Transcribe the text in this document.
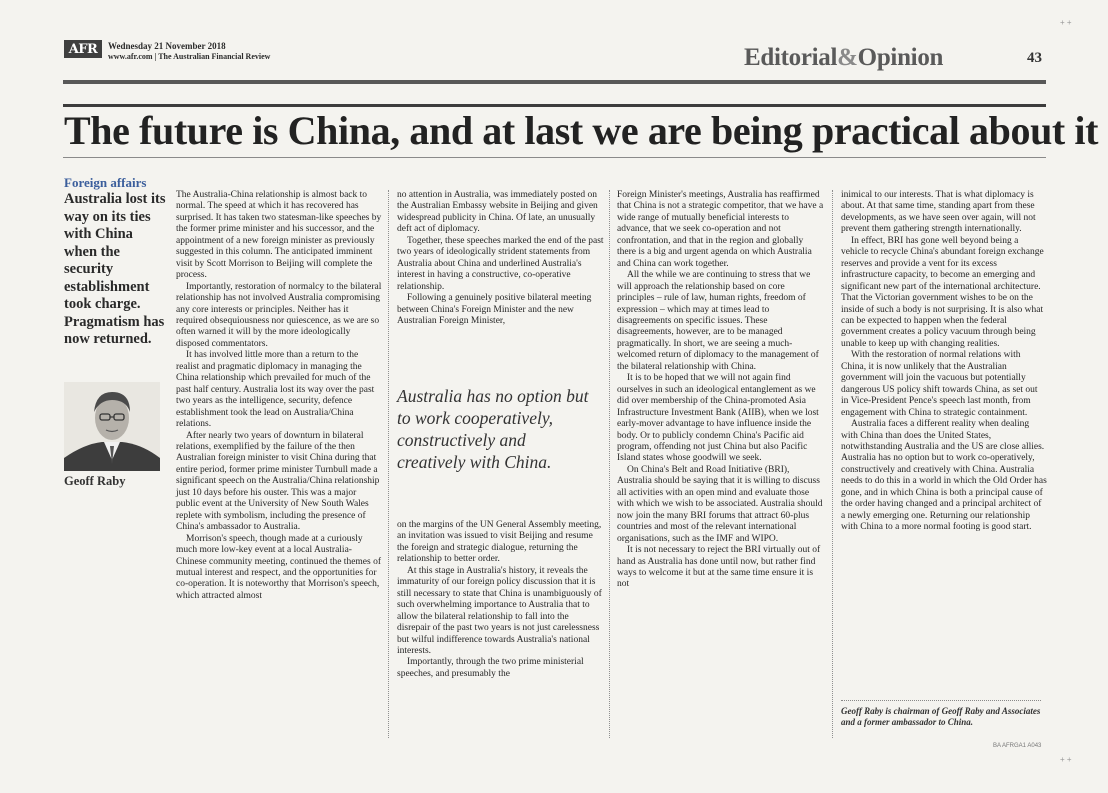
AFR	Wednesday 21 November 2018
www.afr.com | The Australian Financial Review	Editorial&Opinion	43
The future is China, and at last we are being practical about it
Foreign affairs
Australia lost its way on its ties with China when the security establishment took charge. Pragmatism has now returned.
Geoff Raby

The Australia-China relationship is almost back to normal. The speed at which it has recovered has surprised. It has taken two statesman-like speeches by the former prime minister and his successor, and the appointment of a new foreign minister as previously suggested in this column. The anticipated imminent visit by Scott Morrison to Beijing will complete the process.

Importantly, restoration of normalcy to the bilateral relationship has not involved Australia compromising any core interests or principles. Neither has it required obsequiousness nor quiescence, as we are so often warned it will by the more ideologically disposed commentators.

It has involved little more than a return to the realist and pragmatic diplomacy in managing the China relationship which prevailed for much of the past half century. Australia lost its way over the past two years as the intelligence, security, defence establishment took the lead on Australia/China relations.

After nearly two years of downturn in bilateral relations, exemplified by the failure of the then Australian foreign minister to visit China during that entire period, former prime minister Turnbull made a significant speech on the Australia/China relationship just 10 days before his ouster. This was a major public event at the University of New South Wales replete with symbolism, including the presence of China's ambassador to Australia.

Morrison's speech, though made at a curiously much more low-key event at a local Australia-Chinese community meeting, continued the themes of mutual interest and respect, and the opportunities for co-operation. It is noteworthy that Morrison's speech, which attracted almost

no attention in Australia, was immediately posted on the Australian Embassy website in Beijing and given widespread publicity in China. Of late, an unusually deft act of diplomacy.

Together, these speeches marked the end of the past two years of ideologically strident statements from Australia about China and underlined Australia's interest in having a constructive, co-operative relationship.

Following a genuinely positive bilateral meeting between China's Foreign Minister and the new Australian Foreign Minister,

Australia has no option but to work cooperatively, constructively and creatively with China.

on the margins of the UN General Assembly meeting, an invitation was issued to visit Beijing and resume the foreign and strategic dialogue, returning the relationship to better order.

At this stage in Australia's history, it reveals the immaturity of our foreign policy discussion that it is still necessary to state that China is unambiguously of such overwhelming importance to Australia that to allow the bilateral relationship to fall into the disrepair of the past two years is not just carelessness but wilful indifference towards Australia's national interests.

Importantly, through the two prime ministerial speeches, and presumably the

Foreign Minister's meetings, Australia has reaffirmed that China is not a strategic competitor, that we have a wide range of mutually beneficial interests to advance, that we seek co-operation and not confrontation, and that in the region and globally there is a big and urgent agenda on which Australia and China can work together.

All the while we are continuing to stress that we will approach the relationship based on core principles – rule of law, human rights, freedom of expression – which may at times lead to disagreements on specific issues. These disagreements, however, are to be managed pragmatically. In short, we are seeing a much-welcomed return of diplomacy to the management of the bilateral relationship with China.

It is to be hoped that we will not again find ourselves in such an ideological entanglement as we did over membership of the China-promoted Asia Infrastructure Investment Bank (AIIB), when we lost early-mover advantage to have influence inside the body. Or to publicly condemn China's Pacific aid program, offending not just China but also Pacific Island states whose goodwill we seek.

On China's Belt and Road Initiative (BRI), Australia should be saying that it is willing to discuss all activities with an open mind and evaluate those with which we wish to be associated. Australia should now join the many BRI forums that attract 60-plus countries and most of the relevant international organisations, such as the IMF and WIPO.

It is not necessary to reject the BRI virtually out of hand as Australia has done until now, but rather find ways to welcome it but at the same time ensure it is not

inimical to our interests. That is what diplomacy is about. At that same time, standing apart from these developments, as we have seen over again, will not prevent them gathering strength internationally.

In effect, BRI has gone well beyond being a vehicle to recycle China's abundant foreign exchange reserves and provide a vent for its excess infrastructure capacity, to become an emerging and significant new part of the international architecture. That the Victorian government wishes to be on the inside of such a body is not surprising. It is also what can be expected to happen when the federal government creates a policy vacuum through being unable to keep up with changing realities.

With the restoration of normal relations with China, it is now unlikely that the Australian government will join the vacuous but potentially dangerous US policy shift towards China, as set out in Vice-President Pence's speech last month, from engagement with China to strategic containment.

Australia faces a different reality when dealing with China than does the United States, notwithstanding Australia and the US are close allies. Australia has no option but to work co-operatively, constructively and creatively with China. Australia needs to do this in a world in which the Old Order has gone, and in which China is both a principal cause of the order having changed and a principal architect of a newly emerging one. Returning our relationship with China to a more normal footing is good start.

Geoff Raby is chairman of Geoff Raby and Associates and a former ambassador to China.
BA AFRGA1 A043
+ +
+ +
